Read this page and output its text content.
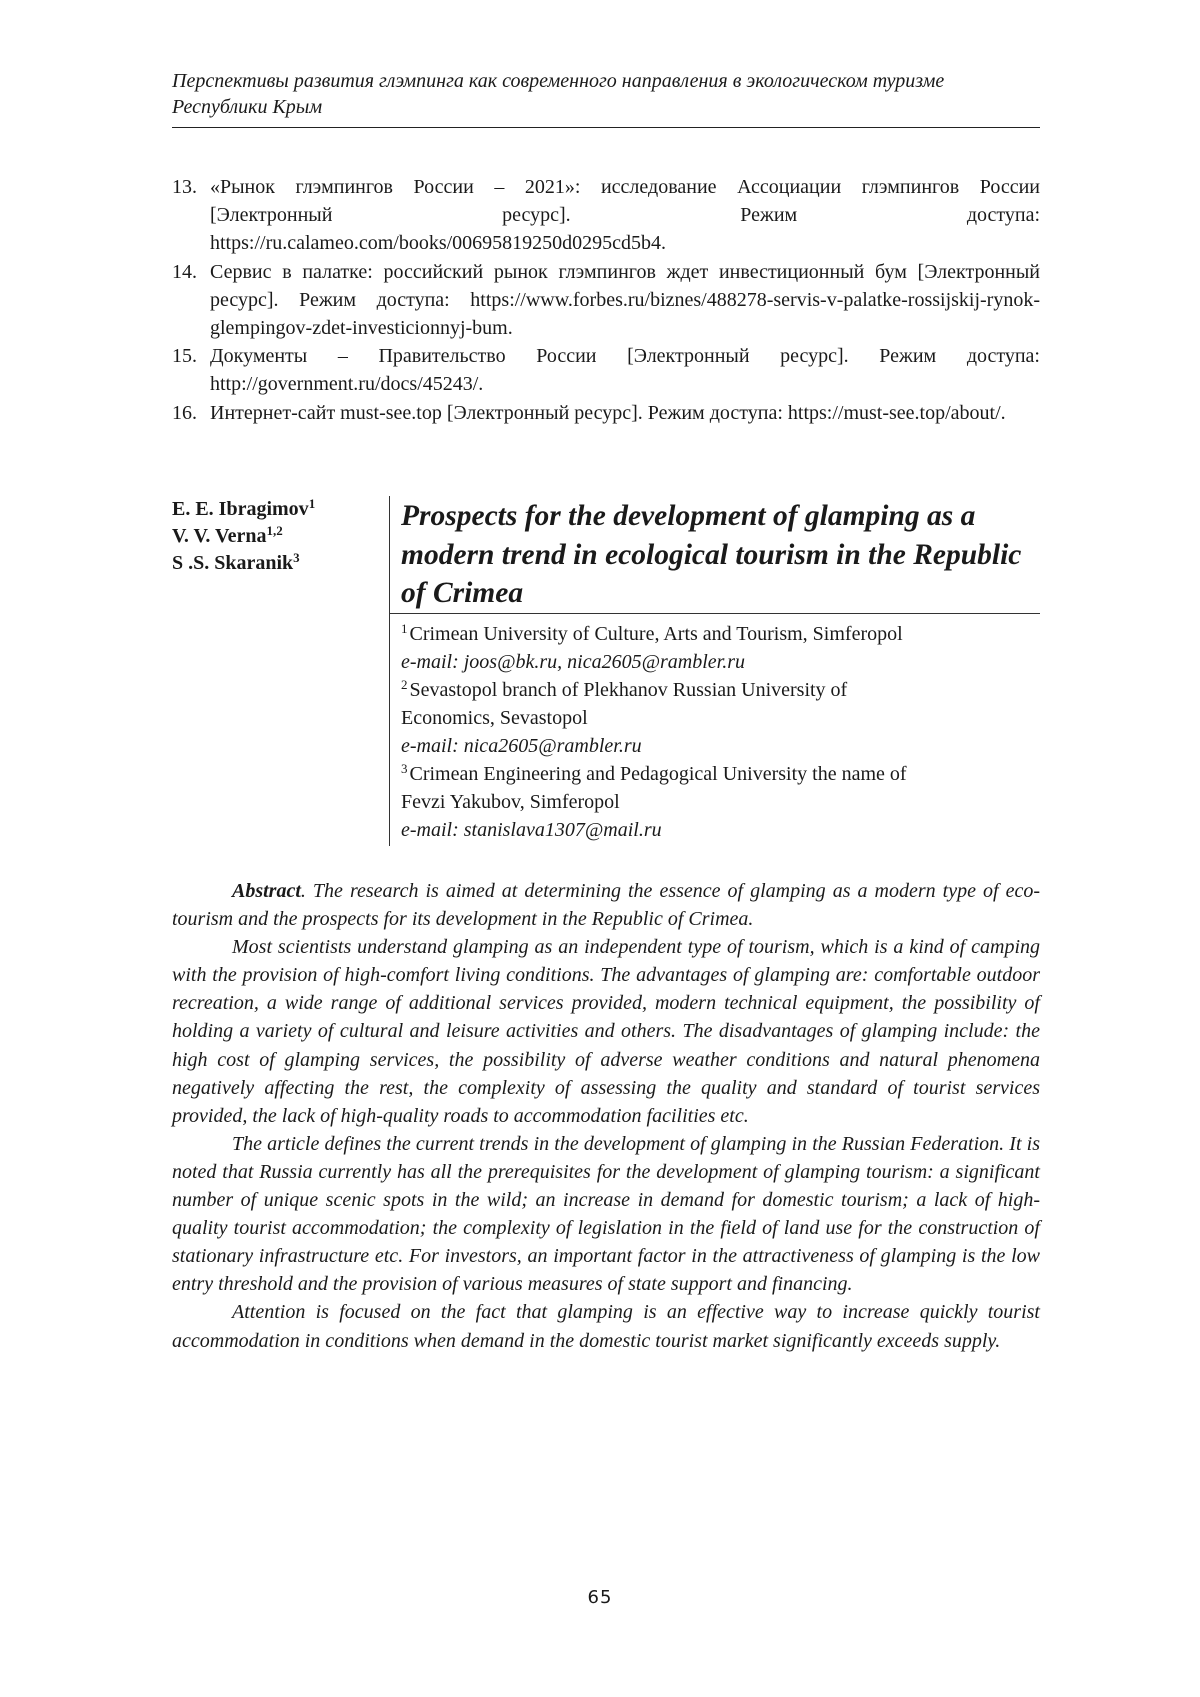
Перспективы развития глэмпинга как современного направления в экологическом туризме Республики Крым
13. «Рынок глэмпингов России – 2021»: исследование Ассоциации глэмпингов России [Электронный ресурс]. Режим доступа:
https://ru.calameo.com/books/00695819250d0295cd5b4.
14. Сервис в палатке: российский рынок глэмпингов ждет инвестиционный бум [Электронный ресурс]. Режим доступа: https://www.forbes.ru/biznes/488278-servis-v-palatke-rossijskij-rynok-glempingov-zdet-investicionnyj-bum.
15. Документы – Правительство России [Электронный ресурс]. Режим доступа: http://government.ru/docs/45243/.
16. Интернет-сайт must-see.top [Электронный ресурс]. Режим доступа: https://must-see.top/about/.
E. E. Ibragimov$^1$
V. V. Verna$^{1,2}$
S .S. Skaranik$^3$
Prospects for the development of glamping as a modern trend in ecological tourism in the Republic of Crimea
$^1$ Crimean University of Culture, Arts and Tourism, Simferopol
e-mail: joos@bk.ru, nica2605@rambler.ru
$^2$ Sevastopol branch of Plekhanov Russian University of
Economics, Sevastopol
e-mail: nica2605@rambler.ru
$^3$ Crimean Engineering and Pedagogical University the name of
Fevzi Yakubov, Simferopol
e-mail: stanislava1307@mail.ru

Abstract. The research is aimed at determining the essence of glamping as a modern type of eco-tourism and the prospects for its development in the Republic of Crimea.

Most scientists understand glamping as an independent type of tourism, which is a kind of camping with the provision of high-comfort living conditions. The advantages of glamping are: comfortable outdoor recreation, a wide range of additional services provided, modern technical equipment, the possibility of holding a variety of cultural and leisure activities and others. The disadvantages of glamping include: the high cost of glamping services, the possibility of adverse weather conditions and natural phenomena negatively affecting the rest, the complexity of assessing the quality and standard of tourist services provided, the lack of high-quality roads to accommodation facilities etc.

The article defines the current trends in the development of glamping in the Russian Federation. It is noted that Russia currently has all the prerequisites for the development of glamping tourism: a significant number of unique scenic spots in the wild; an increase in demand for domestic tourism; a lack of high-quality tourist accommodation; the complexity of legislation in the field of land use for the construction of stationary infrastructure etc. For investors, an important factor in the attractiveness of glamping is the low entry threshold and the provision of various measures of state support and financing.

Attention is focused on the fact that glamping is an effective way to increase quickly tourist accommodation in conditions when demand in the domestic tourist market significantly exceeds supply.

65
